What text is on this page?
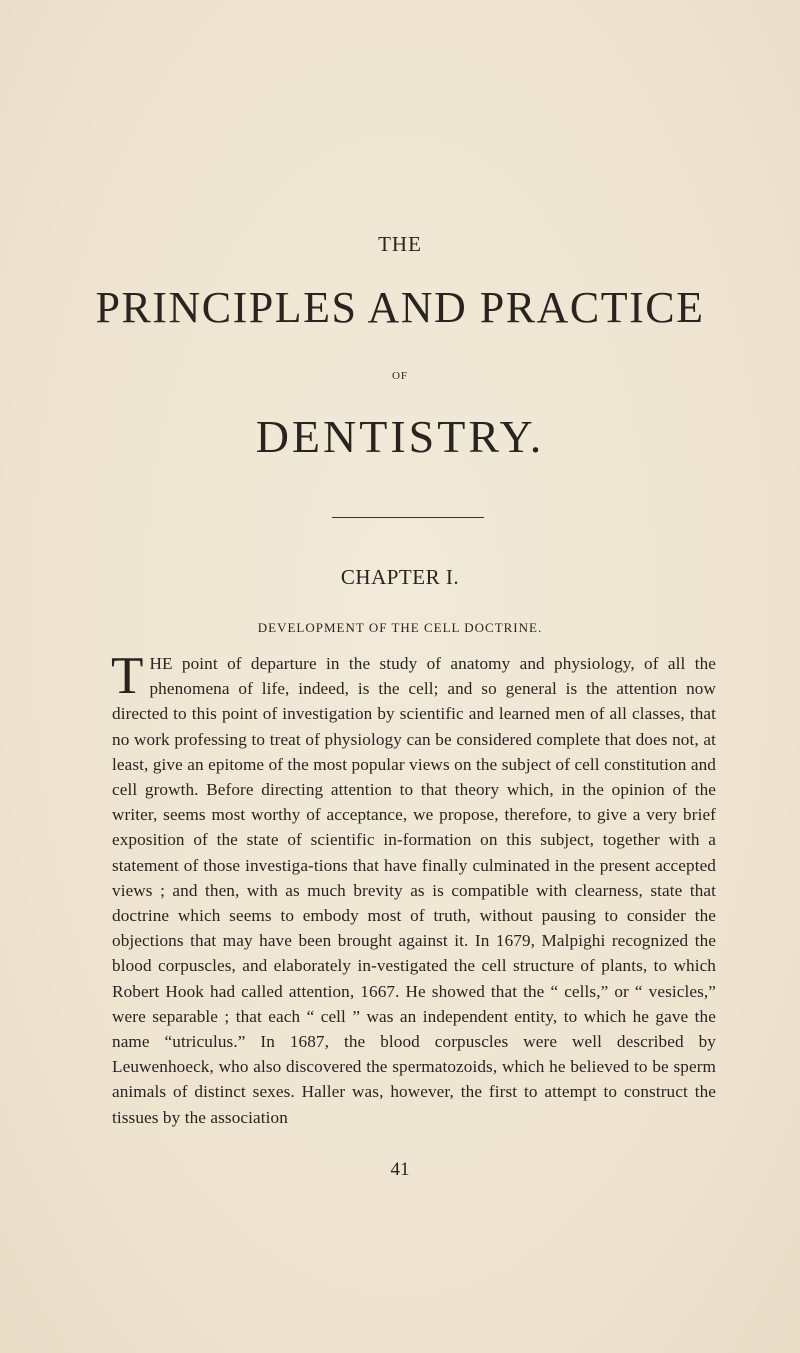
THE
PRINCIPLES AND PRACTICE
OF
DENTISTRY.
CHAPTER I.
DEVELOPMENT OF THE CELL DOCTRINE.
T HE point of departure in the study of anatomy and physiology, of all the phenomena of life, indeed, is the cell; and so general is the attention now directed to this point of investigation by scientific and learned men of all classes, that no work professing to treat of physiology can be considered complete that does not, at least, give an epitome of the most popular views on the subject of cell constitution and cell growth. Before directing attention to that theory which, in the opinion of the writer, seems most worthy of acceptance, we propose, therefore, to give a very brief exposition of the state of scientific in-formation on this subject, together with a statement of those investiga-tions that have finally culminated in the present accepted views ; and then, with as much brevity as is compatible with clearness, state that doctrine which seems to embody most of truth, without pausing to consider the objections that may have been brought against it. In 1679, Malpighi recognized the blood corpuscles, and elaborately in-vestigated the cell structure of plants, to which Robert Hook had called attention, 1667. He showed that the “ cells,” or “ vesicles,” were separable ; that each “ cell ” was an independent entity, to which he gave the name “utriculus.” In 1687, the blood corpuscles were well described by Leuwenhoeck, who also discovered the spermatozoids, which he believed to be sperm animals of distinct sexes. Haller was, however, the first to attempt to construct the tissues by the association
41
